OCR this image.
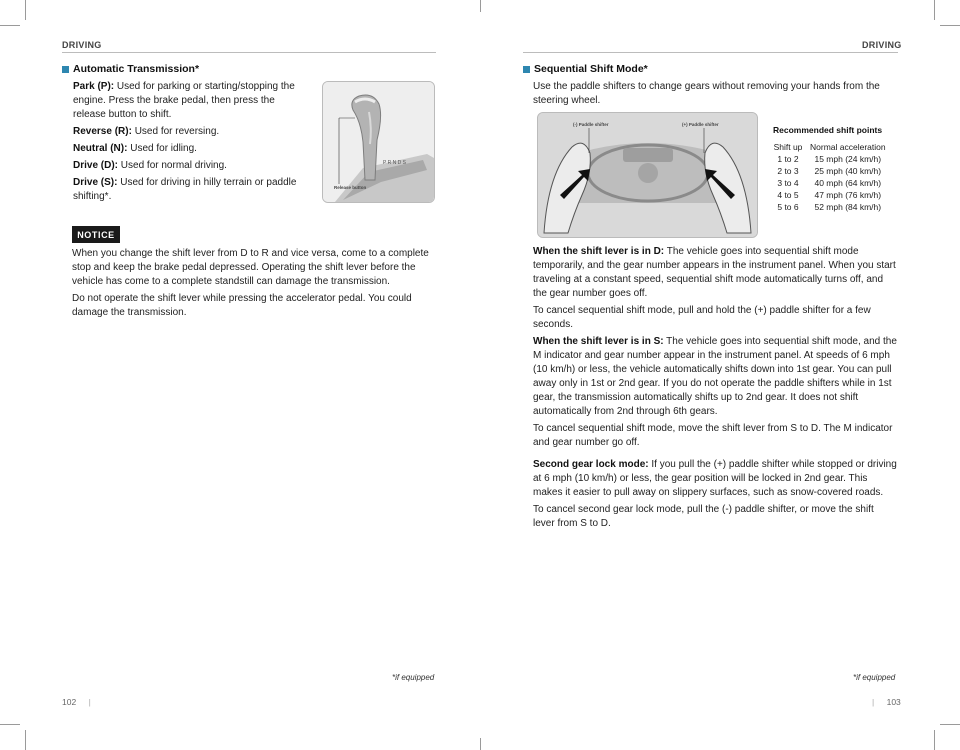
DRIVING
Automatic Transmission*

Park (P): Used for parking or starting/stopping the engine. Press the brake pedal, then press the release button to shift.

Reverse (R): Used for reversing.

Neutral (N): Used for idling.

Drive (D): Used for normal driving.

Drive (S): Used for driving in hilly terrain or paddle shifting*.

P R N D S
Release button
NOTICE

When you change the shift lever from D to R and vice versa, come to a complete stop and keep the brake pedal depressed. Operating the shift lever before the vehicle has come to a complete standstill can damage the transmission.

Do not operate the shift lever while pressing the accelerator pedal. You could damage the transmission.

*if equipped
102 |
DRIVING
Sequential Shift Mode*

Use the paddle shifters to change gears without removing your hands from the steering wheel.

(-) Paddle shifter	(+) Paddle shifter
Recommended shift points
Shift up	Normal acceleration
1 to 2	15 mph (24 km/h)
2 to 3	25 mph (40 km/h)
3 to 4	40 mph (64 km/h)
4 to 5	47 mph (76 km/h)
5 to 6	52 mph (84 km/h)

When the shift lever is in D: The vehicle goes into sequential shift mode temporarily, and the gear number appears in the instrument panel. When you start traveling at a constant speed, sequential shift mode automatically turns off, and the gear number goes off.

To cancel sequential shift mode, pull and hold the (+) paddle shifter for a few seconds.

When the shift lever is in S: The vehicle goes into sequential shift mode, and the M indicator and gear number appear in the instrument panel. At speeds of 6 mph (10 km/h) or less, the vehicle automatically shifts down into 1st gear. You can pull away only in 1st or 2nd gear. If you do not operate the paddle shifters while in 1st gear, the transmission automatically shifts up to 2nd gear. It does not shift automatically from 2nd through 6th gears.

To cancel sequential shift mode, move the shift lever from S to D. The M indicator and gear number go off.

Second gear lock mode: If you pull the (+) paddle shifter while stopped or driving at 6 mph (10 km/h) or less, the gear position will be locked in 2nd gear. This makes it easier to pull away on slippery surfaces, such as snow-covered roads.

To cancel second gear lock mode, pull the (-) paddle shifter, or move the shift lever from S to D.

*if equipped
| 103
